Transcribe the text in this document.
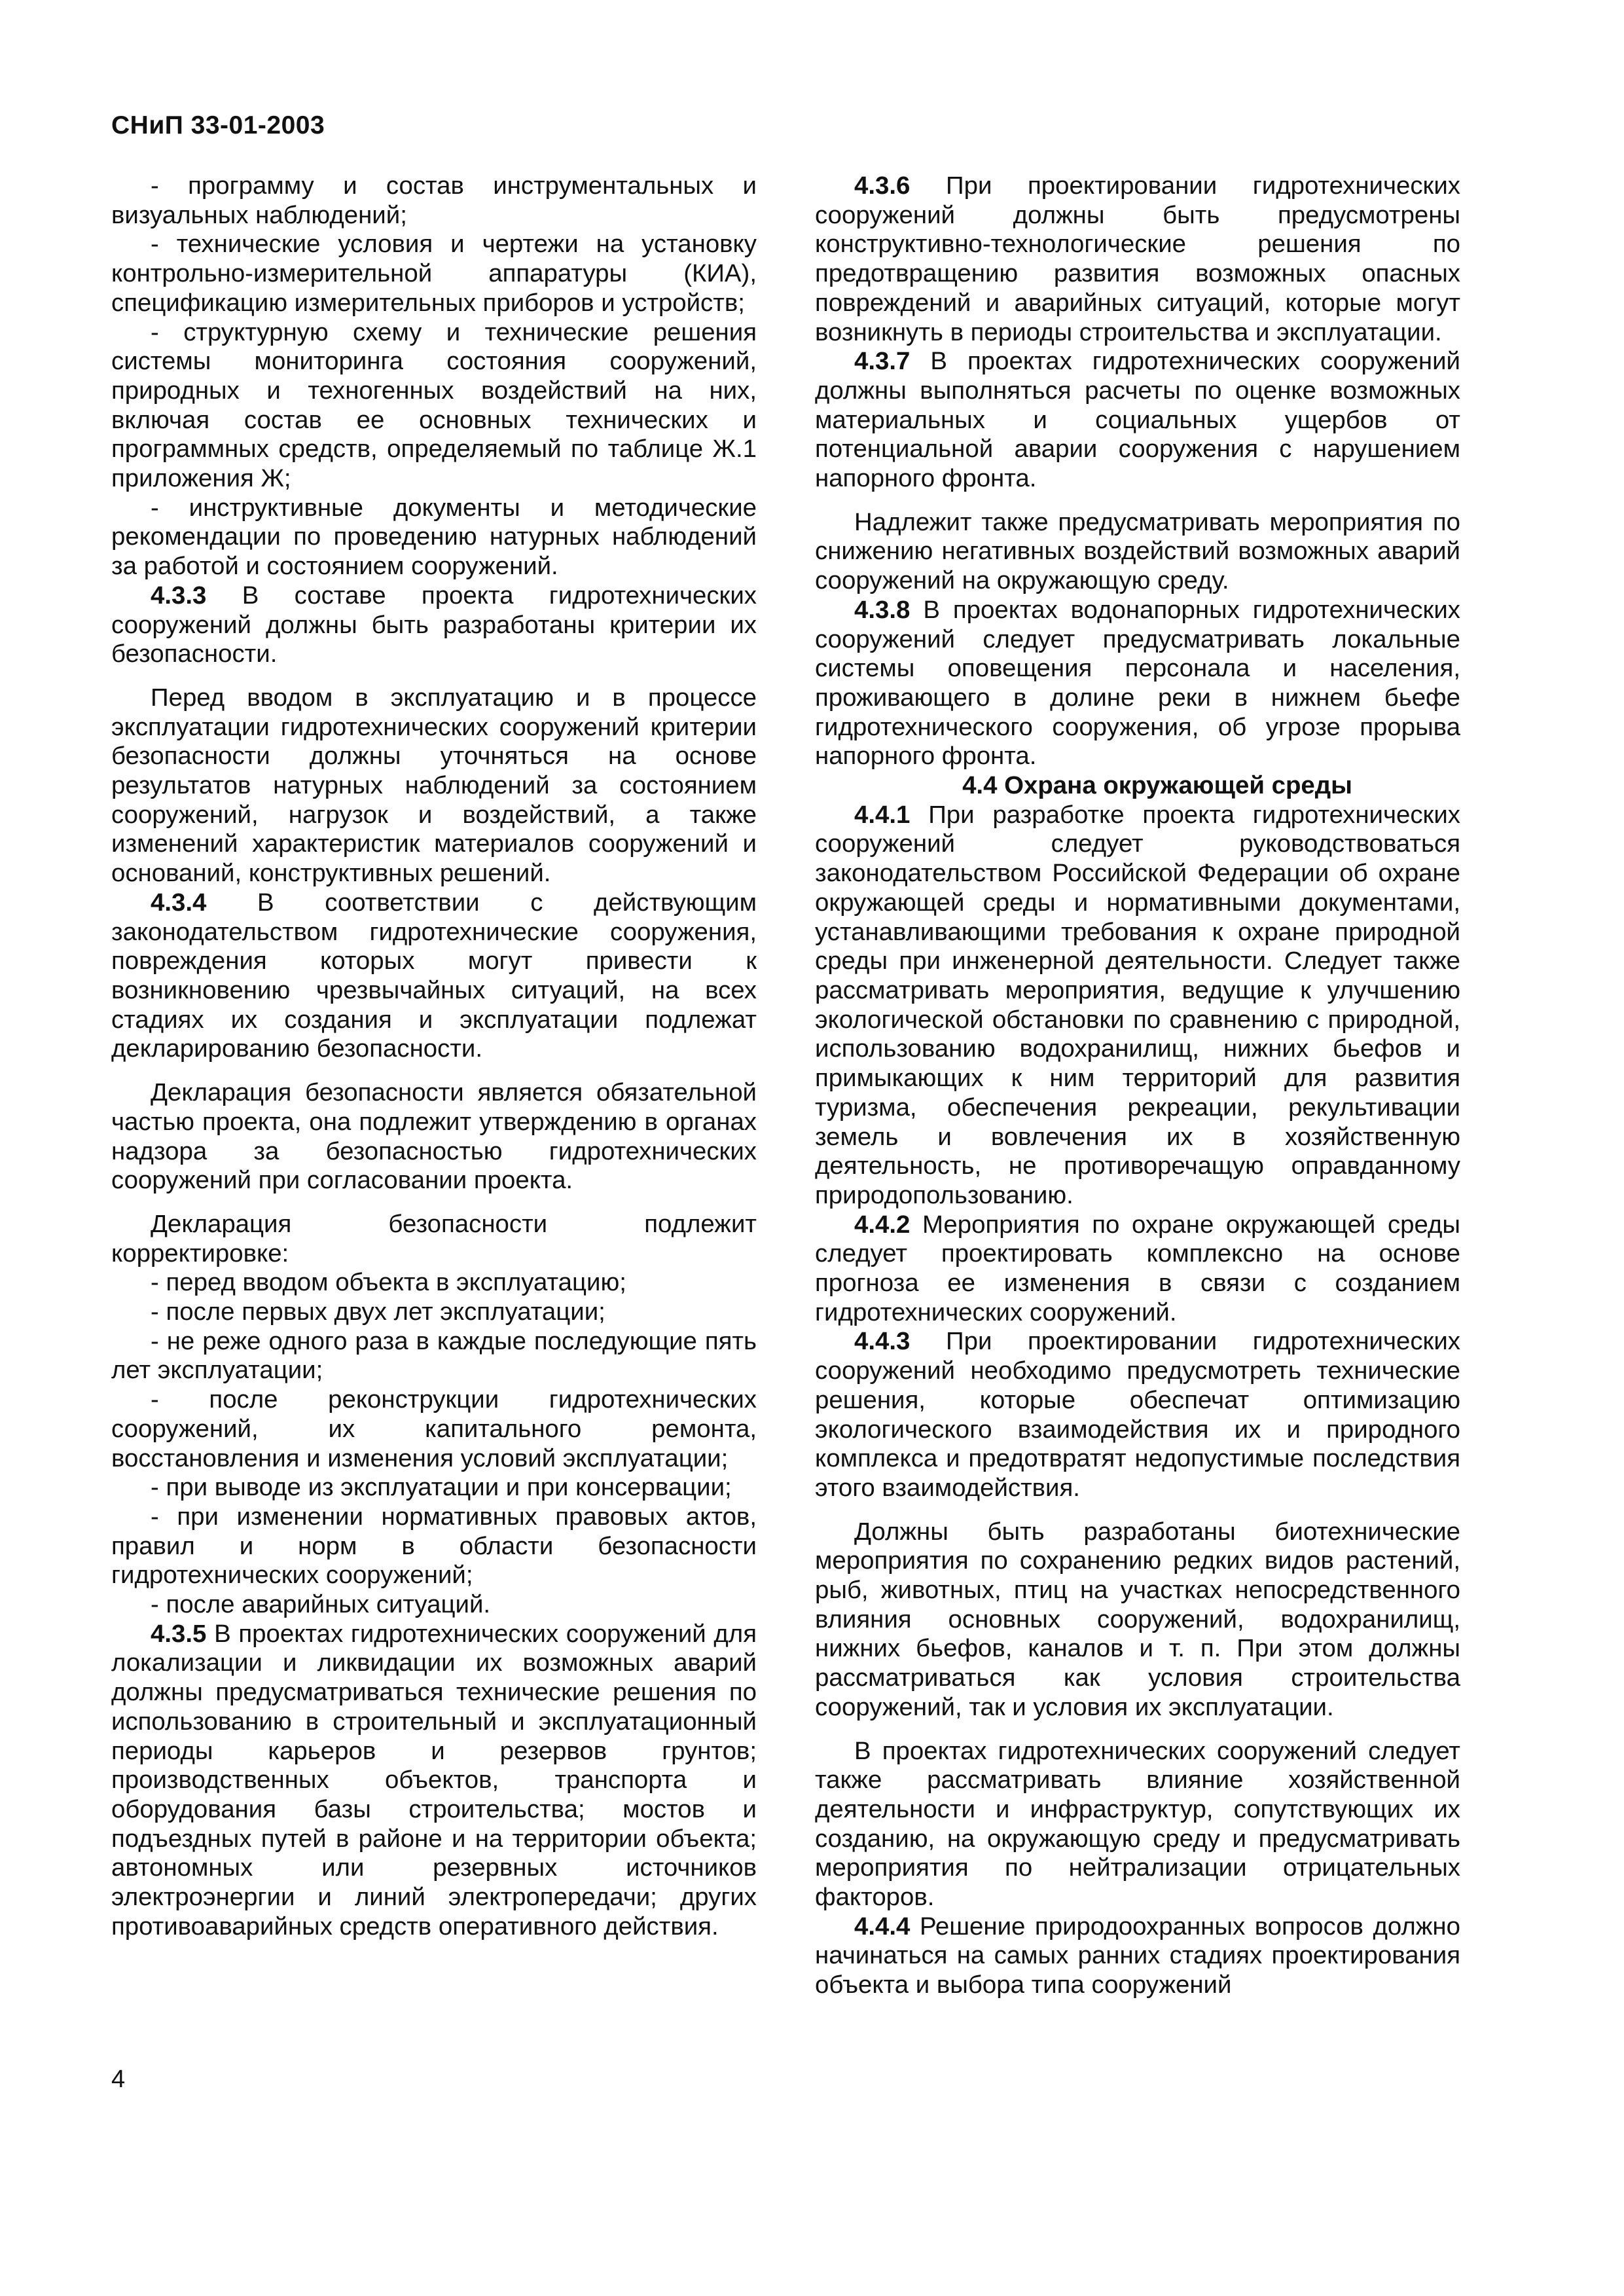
СНиП 33-01-2003

- программу и состав инструментальных и визуальных наблюдений;

- технические условия и чертежи на установку контрольно-измерительной аппаратуры (КИА), спецификацию измерительных приборов и устройств;

- структурную схему и технические решения системы мониторинга состояния сооружений, природных и техногенных воздействий на них, включая состав ее основных технических и программных средств, определяемый по таблице Ж.1 приложения Ж;

- инструктивные документы и методические рекомендации по проведению натурных наблюдений за работой и состоянием сооружений.

4.3.3 В составе проекта гидротехнических сооружений должны быть разработаны критерии их безопасности.

Перед вводом в эксплуатацию и в процессе эксплуатации гидротехнических сооружений критерии безопасности должны уточняться на основе результатов натурных наблюдений за состоянием сооружений, нагрузок и воздействий, а также изменений характеристик материалов сооружений и оснований, конструктивных решений.

4.3.4 В соответствии с действующим законодательством гидротехнические сооружения, повреждения которых могут привести к возникновению чрезвычайных ситуаций, на всех стадиях их создания и эксплуатации подлежат декларированию безопасности.

Декларация безопасности является обязательной частью проекта, она подлежит утверждению в органах надзора за безопасностью гидротехнических сооружений при согласовании проекта.

Декларация безопасности подлежит корректировке:

- перед вводом объекта в эксплуатацию;

- после первых двух лет эксплуатации;

- не реже одного раза в каждые последующие пять лет эксплуатации;

- после реконструкции гидротехнических сооружений, их капитального ремонта, восстановления и изменения условий эксплуатации;

- при выводе из эксплуатации и при консервации;

- при изменении нормативных правовых актов, правил и норм в области безопасности гидротехнических сооружений;

- после аварийных ситуаций.

4.3.5 В проектах гидротехнических сооружений для локализации и ликвидации их возможных аварий должны предусматриваться технические решения по использованию в строительный и эксплуатационный периоды карьеров и резервов грунтов; производственных объектов, транспорта и оборудования базы строительства; мостов и подъездных путей в районе и на территории объекта; автономных или резервных источников электроэнергии и линий электропередачи; других противоаварийных средств оперативного действия.

4.3.6 При проектировании гидротехнических сооружений должны быть предусмотрены конструктивно-технологические решения по предотвращению развития возможных опасных повреждений и аварийных ситуаций, которые могут возникнуть в периоды строительства и эксплуатации.

4.3.7 В проектах гидротехнических сооружений должны выполняться расчеты по оценке возможных материальных и социальных ущербов от потенциальной аварии сооружения с нарушением напорного фронта.

Надлежит также предусматривать мероприятия по снижению негативных воздействий возможных аварий сооружений на окружающую среду.

4.3.8 В проектах водонапорных гидротехнических сооружений следует предусматривать локальные системы оповещения персонала и населения, проживающего в долине реки в нижнем бьефе гидротехнического сооружения, об угрозе прорыва напорного фронта.

4.4 Охрана окружающей среды

4.4.1 При разработке проекта гидротехнических сооружений следует руководствоваться законодательством Российской Федерации об охране окружающей среды и нормативными документами, устанавливающими требования к охране природной среды при инженерной деятельности. Следует также рассматривать мероприятия, ведущие к улучшению экологической обстановки по сравнению с природной, использованию водохранилищ, нижних бьефов и примыкающих к ним территорий для развития туризма, обеспечения рекреации, рекультивации земель и вовлечения их в хозяйственную деятельность, не противоречащую оправданному природопользованию.

4.4.2 Мероприятия по охране окружающей среды следует проектировать комплексно на основе прогноза ее изменения в связи с созданием гидротехнических сооружений.

4.4.3 При проектировании гидротехнических сооружений необходимо предусмотреть технические решения, которые обеспечат оптимизацию экологического взаимодействия их и природного комплекса и предотвратят недопустимые последствия этого взаимодействия.

Должны быть разработаны биотехнические мероприятия по сохранению редких видов растений, рыб, животных, птиц на участках непосредственного влияния основных сооружений, водохранилищ, нижних бьефов, каналов и т. п. При этом должны рассматриваться как условия строительства сооружений, так и условия их эксплуатации.

В проектах гидротехнических сооружений следует также рассматривать влияние хозяйственной деятельности и инфраструктур, сопутствующих их созданию, на окружающую среду и предусматривать мероприятия по нейтрализации отрицательных факторов.

4.4.4 Решение природоохранных вопросов должно начинаться на самых ранних стадиях проектирования объекта и выбора типа сооружений

4
